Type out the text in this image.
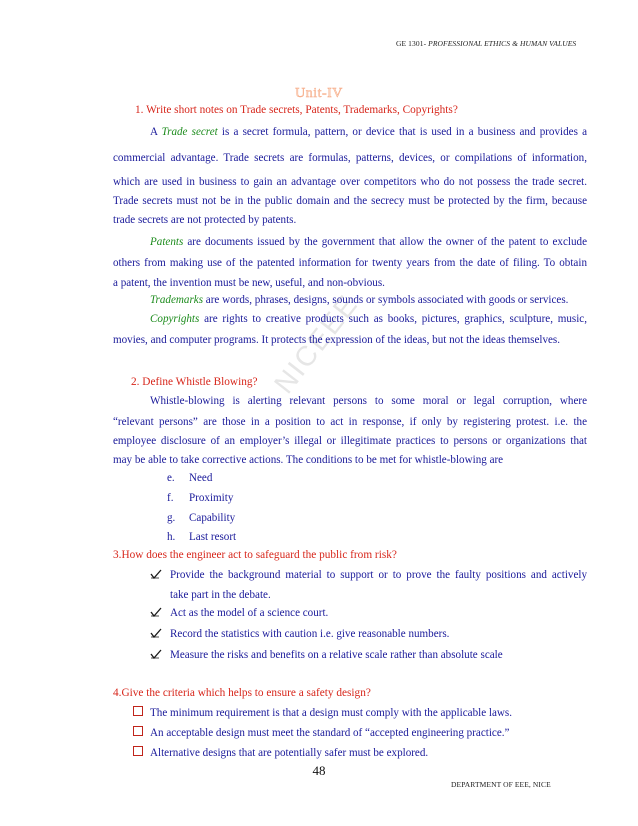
GE 1301- PROFESSIONAL ETHICS & HUMAN VALUES
Unit-IV
NICEEE
1. Write short notes on Trade secrets, Patents, Trademarks, Copyrights?
A Trade secret is a secret formula, pattern, or device that is used in a business and provides a
commercial advantage. Trade secrets are formulas, patterns, devices, or compilations of information,
which are used in business to gain an advantage over competitors who do not possess the trade secret.
Trade secrets must not be in the public domain and the secrecy must be protected by the firm, because
trade secrets are not protected by patents.
Patents are documents issued by the government that allow the owner of the patent to exclude
others from making use of the patented information for twenty years from the date of filing. To obtain
a patent, the invention must be new, useful, and non-obvious.
Trademarks are words, phrases, designs, sounds or symbols associated with goods or services.
Copyrights are rights to creative products such as books, pictures, graphics, sculpture, music,
movies, and computer programs. It protects the expression of the ideas, but not the ideas themselves.
2. Define Whistle Blowing?
Whistle-blowing is alerting relevant persons to some moral or legal corruption, where
“relevant persons” are those in a position to act in response, if only by registering protest. i.e. the
employee disclosure of an employer’s illegal or illegitimate practices to persons or organizations that
may be able to take corrective actions. The conditions to be met for whistle-blowing are
e. Need
f. Proximity
g. Capability
h. Last resort
3.How does the engineer act to safeguard the public from risk?
Provide the background material to support or to prove the faulty positions and actively
take part in the debate.
Act as the model of a science court.
Record the statistics with caution i.e. give reasonable numbers.
Measure the risks and benefits on a relative scale rather than absolute scale
4.Give the criteria which helps to ensure a safety design?
The minimum requirement is that a design must comply with the applicable laws.
An acceptable design must meet the standard of “accepted engineering practice.”
Alternative designs that are potentially safer must be explored.
48
DEPARTMENT OF EEE, NICE
